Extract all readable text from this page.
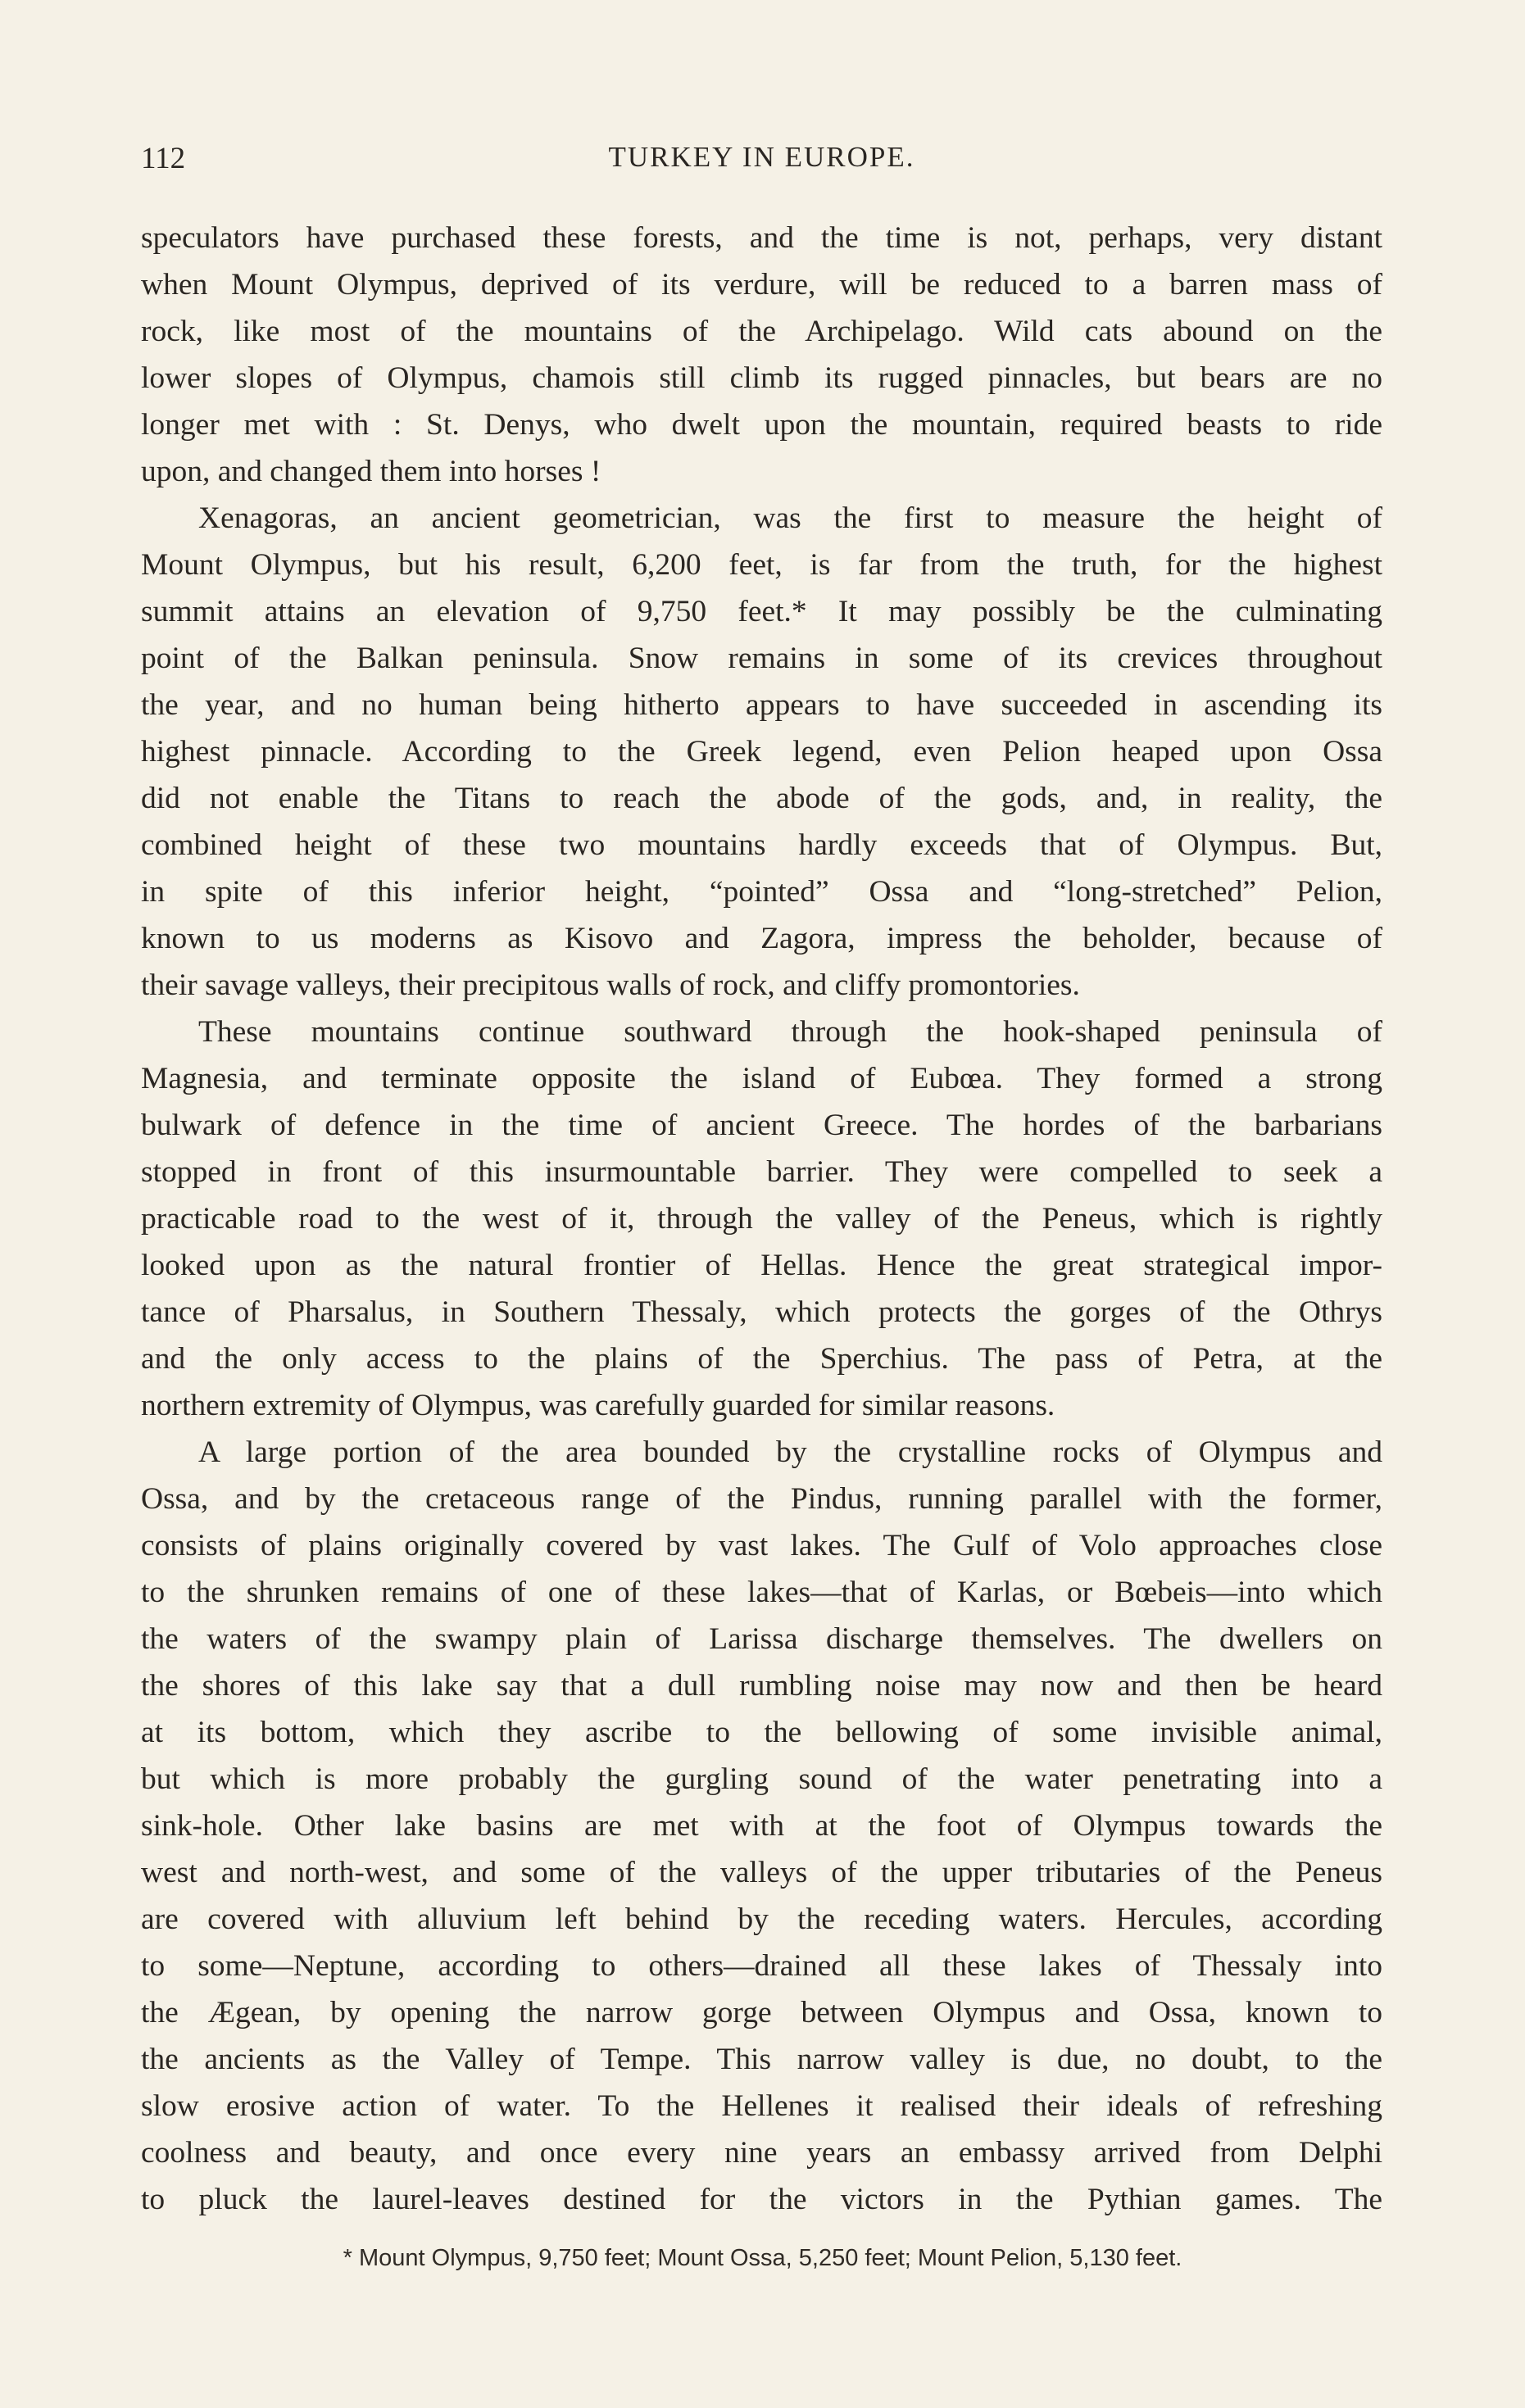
112	TURKEY IN EUROPE.
speculators have purchased these forests, and the time is not, perhaps, very distant
when Mount Olympus, deprived of its verdure, will be reduced to a barren mass of
rock, like most of the mountains of the Archipelago. Wild cats abound on the
lower slopes of Olympus, chamois still climb its rugged pinnacles, but bears are no
longer met with : St. Denys, who dwelt upon the mountain, required beasts to ride
upon, and changed them into horses !
Xenagoras, an ancient geometrician, was the first to measure the height of
Mount Olympus, but his result, 6,200 feet, is far from the truth, for the highest
summit attains an elevation of 9,750 feet.* It may possibly be the culminating
point of the Balkan peninsula. Snow remains in some of its crevices throughout
the year, and no human being hitherto appears to have succeeded in ascending its
highest pinnacle. According to the Greek legend, even Pelion heaped upon Ossa
did not enable the Titans to reach the abode of the gods, and, in reality, the
combined height of these two mountains hardly exceeds that of Olympus. But,
in spite of this inferior height, “pointed” Ossa and “long-stretched” Pelion,
known to us moderns as Kisovo and Zagora, impress the beholder, because of
their savage valleys, their precipitous walls of rock, and cliffy promontories.
These mountains continue southward through the hook-shaped peninsula of
Magnesia, and terminate opposite the island of Eubœa. They formed a strong
bulwark of defence in the time of ancient Greece. The hordes of the barbarians
stopped in front of this insurmountable barrier. They were compelled to seek a
practicable road to the west of it, through the valley of the Peneus, which is rightly
looked upon as the natural frontier of Hellas. Hence the great strategical impor-
tance of Pharsalus, in Southern Thessaly, which protects the gorges of the Othrys
and the only access to the plains of the Sperchius. The pass of Petra, at the
northern extremity of Olympus, was carefully guarded for similar reasons.
A large portion of the area bounded by the crystalline rocks of Olympus and
Ossa, and by the cretaceous range of the Pindus, running parallel with the former,
consists of plains originally covered by vast lakes. The Gulf of Volo approaches close
to the shrunken remains of one of these lakes—that of Karlas, or Bœbeis—into which
the waters of the swampy plain of Larissa discharge themselves. The dwellers on
the shores of this lake say that a dull rumbling noise may now and then be heard
at its bottom, which they ascribe to the bellowing of some invisible animal,
but which is more probably the gurgling sound of the water penetrating into a
sink-hole. Other lake basins are met with at the foot of Olympus towards the
west and north-west, and some of the valleys of the upper tributaries of the Peneus
are covered with alluvium left behind by the receding waters. Hercules, according
to some—Neptune, according to others—drained all these lakes of Thessaly into
the Ægean, by opening the narrow gorge between Olympus and Ossa, known to
the ancients as the Valley of Tempe. This narrow valley is due, no doubt, to the
slow erosive action of water. To the Hellenes it realised their ideals of refreshing
coolness and beauty, and once every nine years an embassy arrived from Delphi
to pluck the laurel-leaves destined for the victors in the Pythian games. The
* Mount Olympus, 9,750 feet; Mount Ossa, 5,250 feet; Mount Pelion, 5,130 feet.
